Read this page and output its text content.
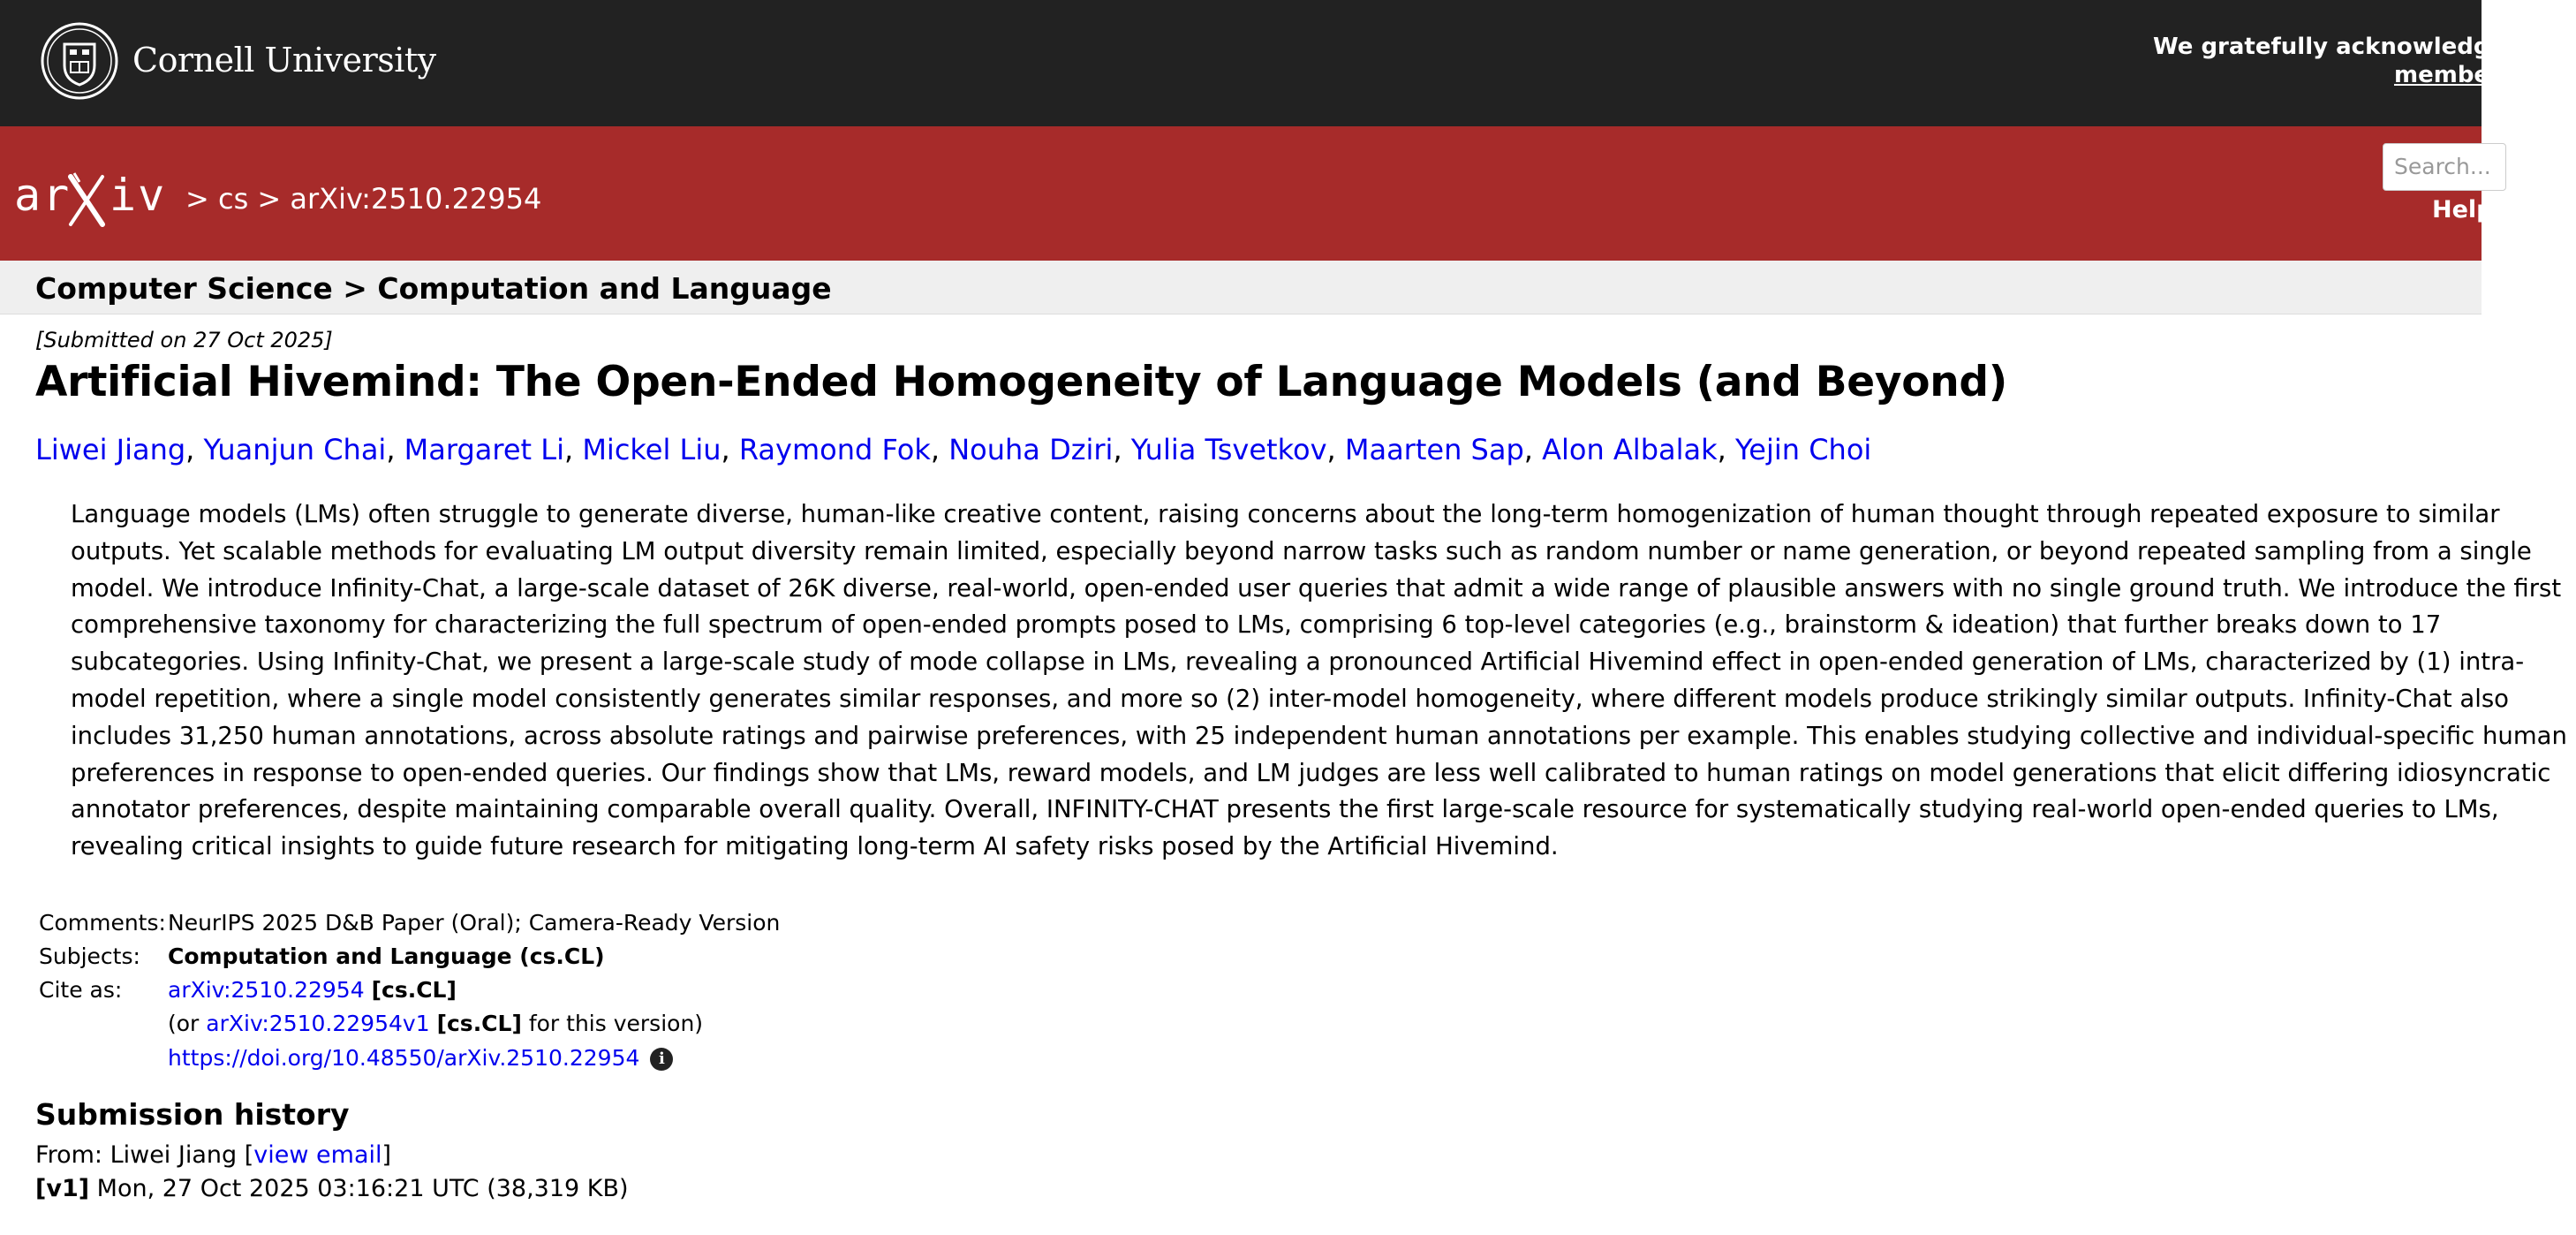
Cornell University	We gratefully acknowledge supp
member
ar iv > cs > arXiv:2510.22954
Search...
Help
Computer Science > Computation and Language
[Submitted on 27 Oct 2025]
Artificial Hivemind: The Open-Ended Homogeneity of Language Models (and Beyond)
Liwei Jiang, Yuanjun Chai, Margaret Li, Mickel Liu, Raymond Fok, Nouha Dziri, Yulia Tsvetkov, Maarten Sap, Alon Albalak, Yejin Choi

Language models (LMs) often struggle to generate diverse, human-like creative content, raising concerns about the long-term homogenization of human thought through repeated exposure to similar

outputs. Yet scalable methods for evaluating LM output diversity remain limited, especially beyond narrow tasks such as random number or name generation, or beyond repeated sampling from a single

model. We introduce Infinity-Chat, a large-scale dataset of 26K diverse, real-world, open-ended user queries that admit a wide range of plausible answers with no single ground truth. We introduce the first

comprehensive taxonomy for characterizing the full spectrum of open-ended prompts posed to LMs, comprising 6 top-level categories (e.g., brainstorm & ideation) that further breaks down to 17

subcategories. Using Infinity-Chat, we present a large-scale study of mode collapse in LMs, revealing a pronounced Artificial Hivemind effect in open-ended generation of LMs, characterized by (1) intra-

model repetition, where a single model consistently generates similar responses, and more so (2) inter-model homogeneity, where different models produce strikingly similar outputs. Infinity-Chat also

includes 31,250 human annotations, across absolute ratings and pairwise preferences, with 25 independent human annotations per example. This enables studying collective and individual-specific human

preferences in response to open-ended queries. Our findings show that LMs, reward models, and LM judges are less well calibrated to human ratings on model generations that elicit differing idiosyncratic

annotator preferences, despite maintaining comparable overall quality. Overall, INFINITY-CHAT presents the first large-scale resource for systematically studying real-world open-ended queries to LMs,

revealing critical insights to guide future research for mitigating long-term AI safety risks posed by the Artificial Hivemind.

Comments: NeurIPS 2025 D&B Paper (Oral); Camera-Ready Version
Subjects: Computation and Language (cs.CL)
Cite as: arXiv:2510.22954 [cs.CL]
(or arXiv:2510.22954v1 [cs.CL] for this version)
https://doi.org/10.48550/arXiv.2510.22954 i
Submission history
From: Liwei Jiang [view email]
[v1] Mon, 27 Oct 2025 03:16:21 UTC (38,319 KB)
